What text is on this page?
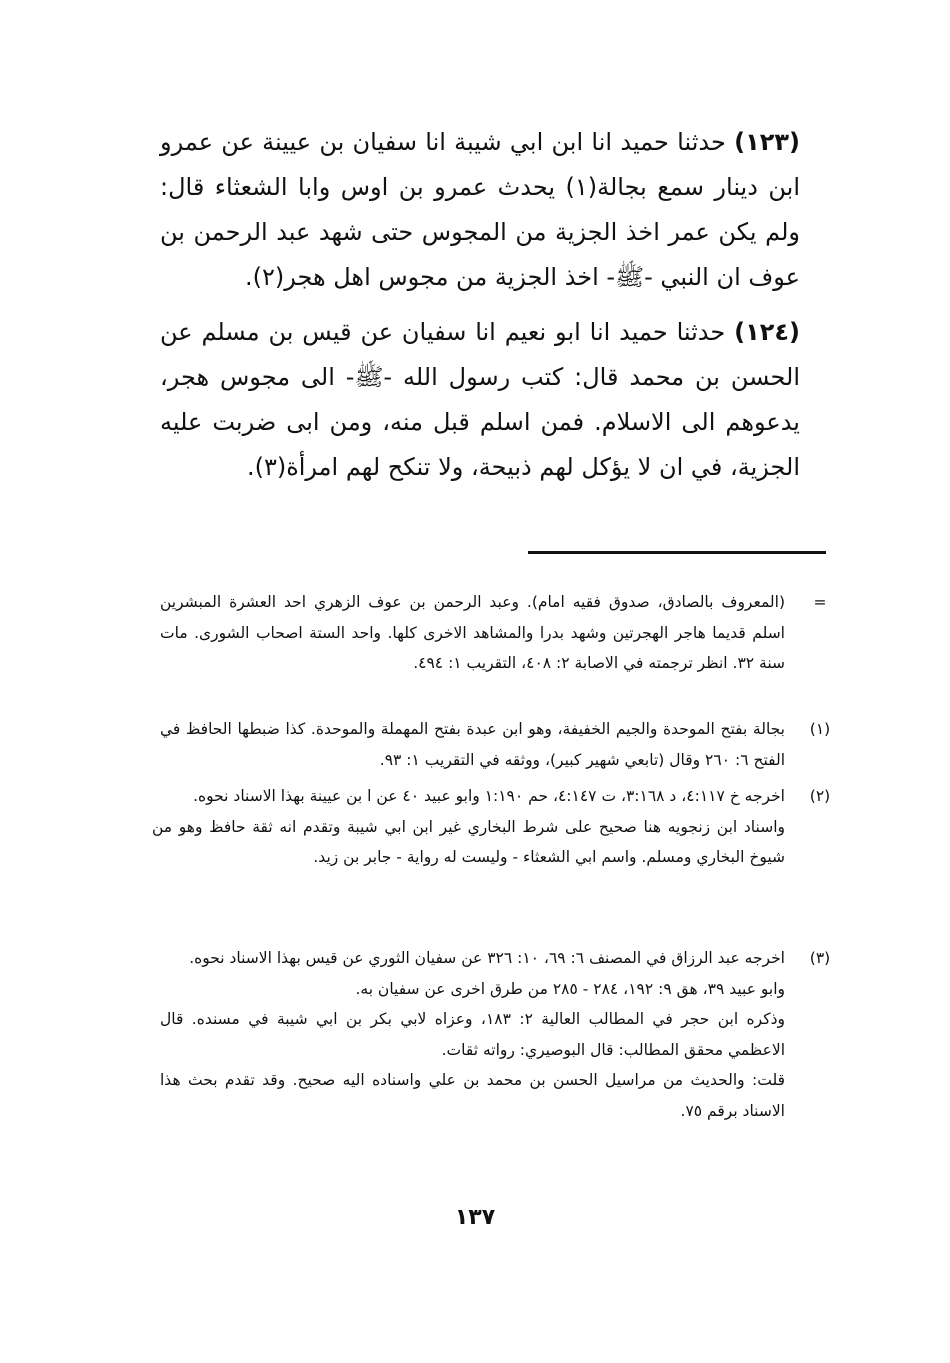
(١٢٣) حدثنا حميد انا ابن ابي شيبة انا سفيان بن عيينة عن عمرو ابن دينار سمع بجالة(١) يحدث عمرو بن اوس وابا الشعثاء قال: ولم يكن عمر اخذ الجزية من المجوس حتى شهد عبد الرحمن بن عوف ان النبي -ﷺ- اخذ الجزية من مجوس اهل هجر(٢).
(١٢٤) حدثنا حميد انا ابو نعيم انا سفيان عن قيس بن مسلم عن الحسن بن محمد قال: كتب رسول الله -ﷺ- الى مجوس هجر، يدعوهم الى الاسلام. فمن اسلم قبل منه، ومن ابى ضربت عليه الجزية، في ان لا يؤكل لهم ذبيحة، ولا تنكح لهم امرأة(٣).
=

(المعروف بالصادق، صدوق فقيه امام). وعبد الرحمن بن عوف الزهري احد العشرة المبشرين اسلم قديما هاجر الهجرتين وشهد بدرا والمشاهد الاخرى كلها. واحد الستة اصحاب الشورى. مات سنة ٣٢. انظر ترجمته في الاصابة ٢: ٤٠٨، التقريب ١: ٤٩٤.

(١)

بجالة بفتح الموحدة والجيم الخفيفة، وهو ابن عبدة بفتح المهملة والموحدة. كذا ضبطها الحافظ في الفتح ٦: ٢٦٠ وقال (تابعي شهير كبير)، ووثقه في التقريب ١: ٩٣.

(٢)

اخرجه خ ٤:١١٧، د ٣:١٦٨، ت ٤:١٤٧، حم ١:١٩٠ وابو عبيد ٤٠ عن ا بن عيينة بهذا الاسناد نحوه.

واسناد ابن زنجويه هنا صحيح على شرط البخاري غير ابن ابي شيبة وتقدم انه ثقة حافظ وهو من شيوخ البخاري ومسلم. واسم ابي الشعثاء - وليست له رواية - جابر بن زيد.

(٣)

اخرجه عبد الرزاق في المصنف ٦: ٦٩، ١٠: ٣٢٦ عن سفيان الثوري عن قيس بهذا الاسناد نحوه.

وابو عبيد ٣٩، هق ٩: ١٩٢، ٢٨٤ - ٢٨٥ من طرق اخرى عن سفيان به.

وذكره ابن حجر في المطالب العالية ٢: ١٨٣، وعزاه لابي بكر بن ابي شيبة في مسنده. قال الاعظمي محقق المطالب: قال البوصيري: رواته ثقات.

قلت: والحديث من مراسيل الحسن بن محمد بن علي واسناده اليه صحيح. وقد تقدم بحث هذا الاسناد برقم ٧٥.

١٣٧
